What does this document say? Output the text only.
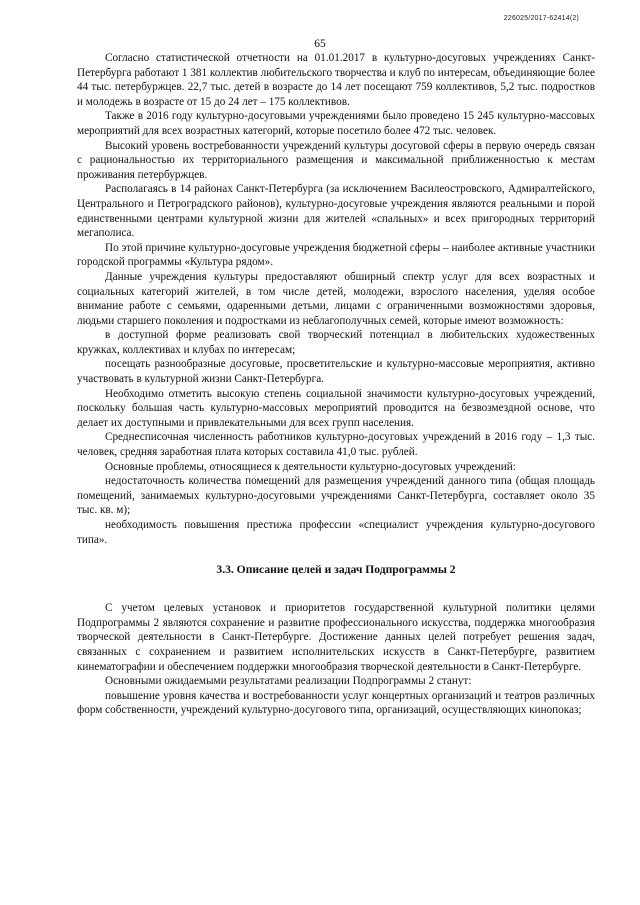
226025/2017-62414(2)
65

Согласно статистической отчетности на 01.01.2017 в культурно-досуговых учреждениях Санкт-Петербурга работают 1 381 коллектив любительского творчества и клуб по интересам, объединяющие более 44 тыс. петербуржцев. 22,7 тыс. детей в возрасте до 14 лет посещают 759 коллективов, 5,2 тыс. подростков и молодежь в возрасте от 15 до 24 лет – 175 коллективов.

Также в 2016 году культурно-досуговыми учреждениями было проведено 15 245 культурно-массовых мероприятий для всех возрастных категорий, которые посетило более 472 тыс. человек.

Высокий уровень востребованности учреждений культуры досуговой сферы в первую очередь связан с рациональностью их территориального размещения и максимальной приближенностью к местам проживания петербуржцев.

Располагаясь в 14 районах Санкт-Петербурга (за исключением Василеостровского, Адмиралтейского, Центрального и Петроградского районов), культурно-досуговые учреждения являются реальными и порой единственными центрами культурной жизни для жителей «спальных» и всех пригородных территорий мегаполиса.

По этой причине культурно-досуговые учреждения бюджетной сферы – наиболее активные участники городской программы «Культура рядом».

Данные учреждения культуры предоставляют обширный спектр услуг для всех возрастных и социальных категорий жителей, в том числе детей, молодежи, взрослого населения, уделяя особое внимание работе с семьями, одаренными детьми, лицами с ограниченными возможностями здоровья, людьми старшего поколения и подростками из неблагополучных семей, которые имеют возможность:

в доступной форме реализовать свой творческий потенциал в любительских художественных кружках, коллективах и клубах по интересам;

посещать разнообразные досуговые, просветительские и культурно-массовые мероприятия, активно участвовать в культурной жизни Санкт-Петербурга.

Необходимо отметить высокую степень социальной значимости культурно-досуговых учреждений, поскольку большая часть культурно-массовых мероприятий проводится на безвозмездной основе, что делает их доступными и привлекательными для всех групп населения.

Среднесписочная численность работников культурно-досуговых учреждений в 2016 году – 1,3 тыс. человек, средняя заработная плата которых составила 41,0 тыс. рублей.

Основные проблемы, относящиеся к деятельности культурно-досуговых учреждений:

недостаточность количества помещений для размещения учреждений данного типа (общая площадь помещений, занимаемых культурно-досуговыми учреждениями Санкт-Петербурга, составляет около 35 тыс. кв. м);

необходимость повышения престижа профессии «специалист учреждения культурно-досугового типа».

3.3. Описание целей и задач Подпрограммы 2

С учетом целевых установок и приоритетов государственной культурной политики целями Подпрограммы 2 являются сохранение и развитие профессионального искусства, поддержка многообразия творческой деятельности в Санкт-Петербурге. Достижение данных целей потребует решения задач, связанных с сохранением и развитием исполнительских искусств в Санкт-Петербурге, развитием кинематографии и обеспечением поддержки многообразия творческой деятельности в Санкт-Петербурге.

Основными ожидаемыми результатами реализации Подпрограммы 2 станут:

повышение уровня качества и востребованности услуг концертных организаций и театров различных форм собственности, учреждений культурно-досугового типа, организаций, осуществляющих кинопоказ;
